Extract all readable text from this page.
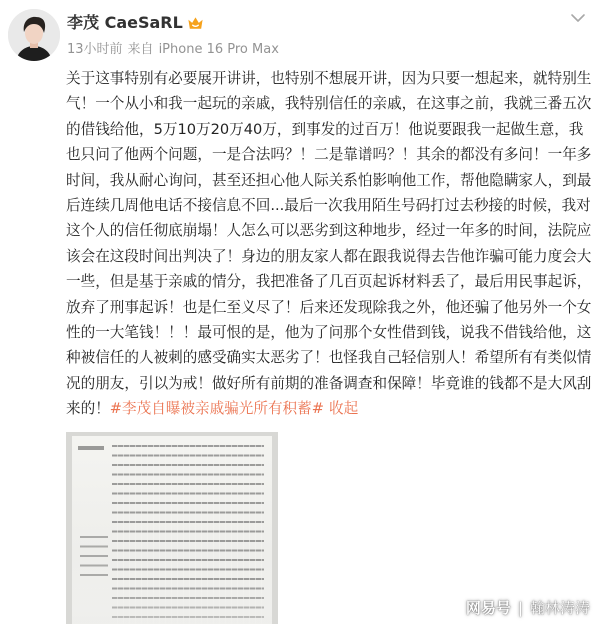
李茂 CaeSaRL
13小时前 来自 iPhone 16 Pro Max
关于这事特别有必要展开讲讲，也特别不想展开讲，因为只要一想起来，就特别生
气！一个从小和我一起玩的亲戚，我特别信任的亲戚，在这事之前，我就三番五次
的借钱给他，5万10万20万40万，到事发的过百万！他说要跟我一起做生意，我
也只问了他两个问题，一是合法吗？！二是靠谱吗？！其余的都没有多问！一年多
时间，我从耐心询问，甚至还担心他人际关系怕影响他工作，帮他隐瞒家人，到最
后连续几周他电话不接信息不回...最后一次我用陌生号码打过去秒接的时候，我对
这个人的信任彻底崩塌！人怎么可以恶劣到这种地步，经过一年多的时间，法院应
该会在这段时间出判决了！身边的朋友家人都在跟我说得去告他诈骗可能力度会大
一些，但是基于亲戚的情分，我把准备了几百页起诉材料丢了，最后用民事起诉，
放弃了刑事起诉！也是仁至义尽了！后来还发现除我之外，他还骗了他另外一个女
性的一大笔钱！！！最可恨的是，他为了问那个女性借到钱，说我不借钱给他，这
种被信任的人被刺的感受确实太恶劣了！也怪我自己轻信别人！希望所有有类似情
况的朋友，引以为戒！做好所有前期的准备调查和保障！毕竟谁的钱都不是大风刮
来的！#李茂自曝被亲戚骗光所有积蓄# 收起
网易号 | 翰林涛涛
